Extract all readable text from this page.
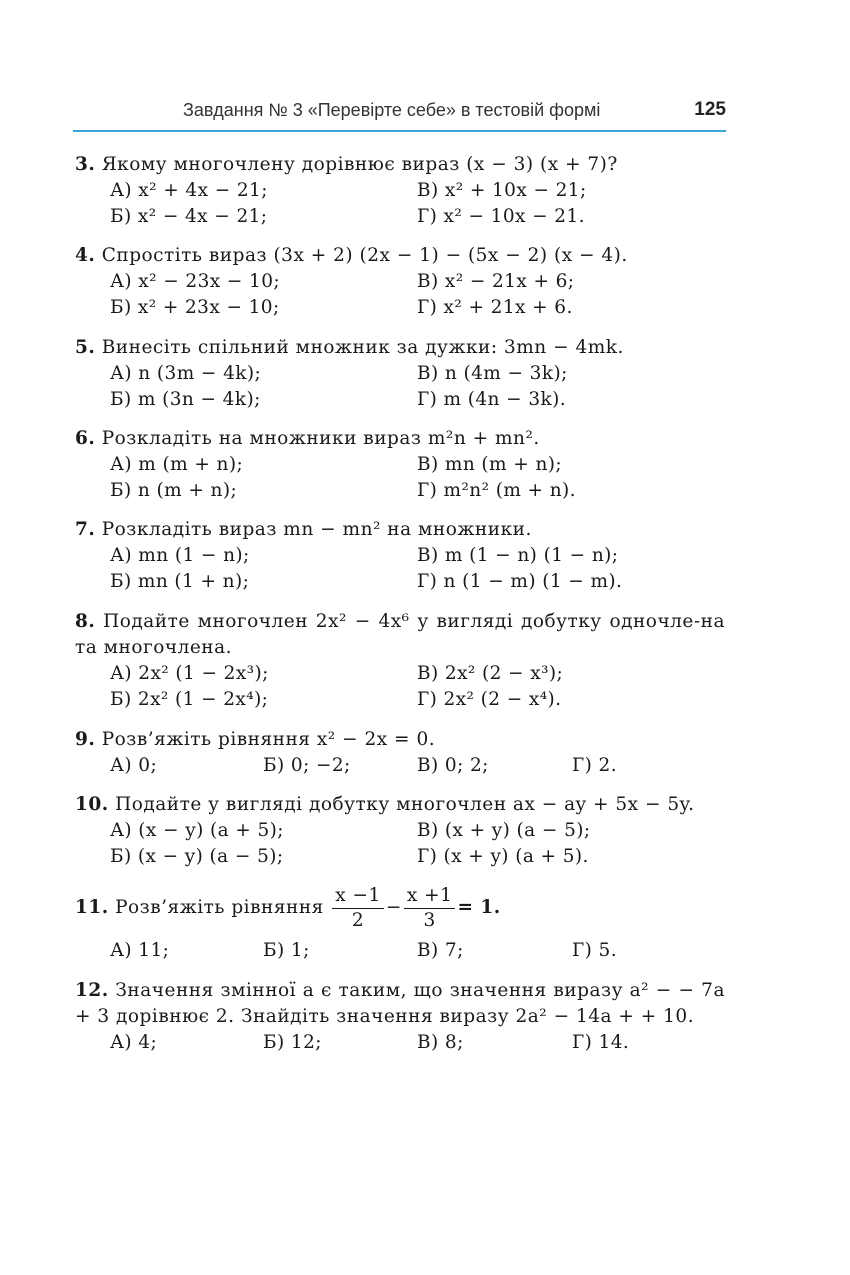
Завдання № 3 «Перевірте себе» в тестовій формі	125
3. Якому многочлену дорівнює вираз (x − 3) (x + 7)?
А) x² + 4x − 21;	В) x² + 10x − 21;
Б) x² − 4x − 21;	Г) x² − 10x − 21.
4. Спростіть вираз (3x + 2) (2x − 1) − (5x − 2) (x − 4).
А) x² − 23x − 10;	В) x² − 21x + 6;
Б) x² + 23x − 10;	Г) x² + 21x + 6.
5. Винесіть спільний множник за дужки: 3mn − 4mk.
А) n (3m − 4k);	В) n (4m − 3k);
Б) m (3n − 4k);	Г) m (4n − 3k).
6. Розкладіть на множники вираз m²n + mn².
А) m (m + n);	В) mn (m + n);
Б) n (m + n);	Г) m²n² (m + n).
7. Розкладіть вираз mn − mn² на множники.
А) mn (1 − n);	В) m (1 − n) (1 − n);
Б) mn (1 + n);	Г) n (1 − m) (1 − m).
8. Подайте многочлен 2x² − 4x⁶ у вигляді добутку одночле-на та многочлена.
А) 2x² (1 − 2x³);	В) 2x² (2 − x³);
Б) 2x² (1 − 2x⁴);	Г) 2x² (2 − x⁴).
9. Розв’яжіть рівняння x² − 2x = 0.
А) 0;	Б) 0; −2;	В) 0; 2;	Г) 2.
10. Подайте у вигляді добутку многочлен ax − ay + 5x − 5y.
А) (x − y) (a + 5);	В) (x + y) (a − 5);
Б) (x − y) (a − 5);	Г) (x + y) (a + 5).
11. Розв’яжіть рівняння $\frac{x -1}{2} - \frac{x +1}{3} = 1$.
А) 11;	Б) 1;	В) 7;	Г) 5.
12. Значення змінної a є таким, що значення виразу a² − − 7a + 3 дорівнює 2. Знайдіть значення виразу 2a² − 14a + + 10.
А) 4;	Б) 12;	В) 8;	Г) 14.
